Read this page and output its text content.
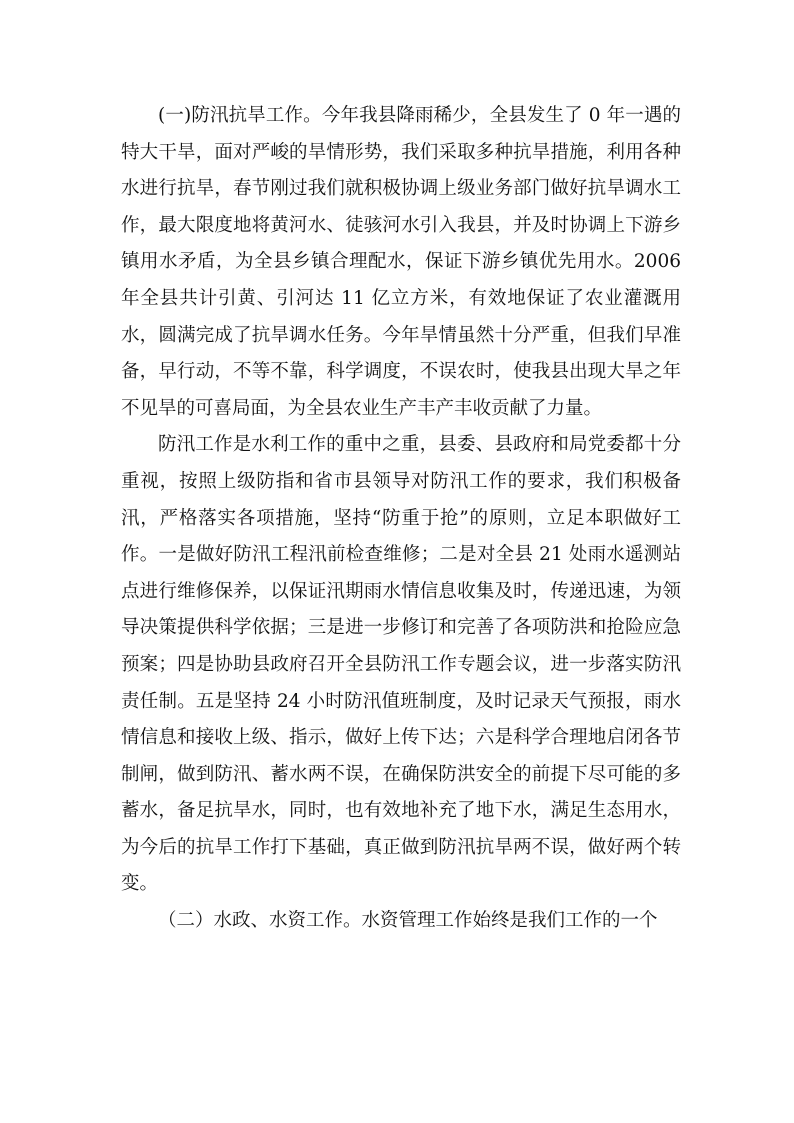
(一)防汛抗旱工作。今年我县降雨稀少，全县发生了 0 年一遇的特大干旱，面对严峻的旱情形势，我们采取多种抗旱措施，利用各种水进行抗旱，春节刚过我们就积极协调上级业务部门做好抗旱调水工作，最大限度地将黄河水、徒骇河水引入我县，并及时协调上下游乡镇用水矛盾，为全县乡镇合理配水，保证下游乡镇优先用水。2006 年全县共计引黄、引河达 11 亿立方米，有效地保证了农业灌溉用水，圆满完成了抗旱调水任务。今年旱情虽然十分严重，但我们早准备，早行动，不等不靠，科学调度，不误农时，使我县出现大旱之年不见旱的可喜局面，为全县农业生产丰产丰收贡献了力量。

防汛工作是水利工作的重中之重，县委、县政府和局党委都十分重视，按照上级防指和省市县领导对防汛工作的要求，我们积极备汛，严格落实各项措施，坚持“防重于抢”的原则，立足本职做好工作。一是做好防汛工程汛前检查维修；二是对全县 21 处雨水遥测站点进行维修保养，以保证汛期雨水情信息收集及时，传递迅速，为领导决策提供科学依据；三是进一步修订和完善了各项防洪和抢险应急预案；四是协助县政府召开全县防汛工作专题会议，进一步落实防汛责任制。五是坚持 24 小时防汛值班制度，及时记录天气预报，雨水情信息和接收上级、指示，做好上传下达；六是科学合理地启闭各节制闸，做到防汛、蓄水两不误，在确保防洪安全的前提下尽可能的多蓄水，备足抗旱水，同时，也有效地补充了地下水，满足生态用水，为今后的抗旱工作打下基础，真正做到防汛抗旱两不误，做好两个转变。

（二）水政、水资工作。水资管理工作始终是我们工作的一个
